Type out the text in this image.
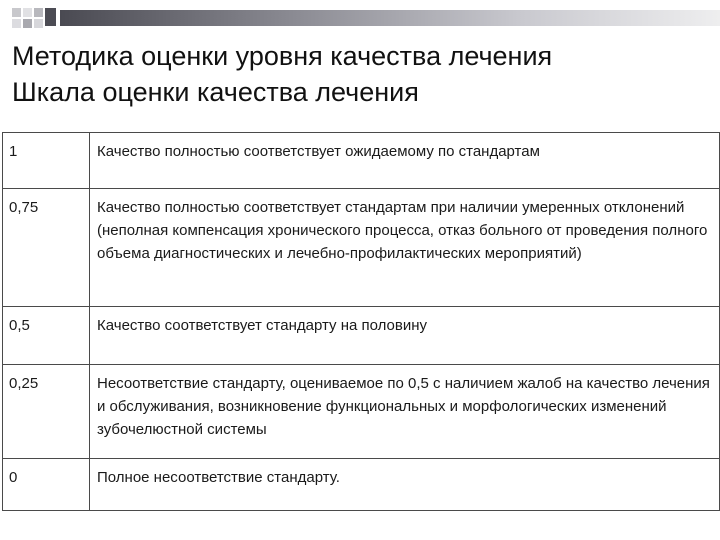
Методика оценки уровня качества лечения
Шкала оценки качества лечения
1	Качество полностью соответствует ожидаемому по стандартам
0,75	Качество полностью соответствует стандартам при наличии умеренных отклонений (неполная компенсация хронического процесса, отказ больного от проведения полного объема диагностических и лечебно-профилактических мероприятий)
0,5	Качество соответствует стандарту на половину
0,25	Несоответствие стандарту, оцениваемое по 0,5 с наличием жалоб на качество лечения и обслуживания, возникновение функциональных и морфологических изменений зубочелюстной системы
0	Полное несоответствие стандарту.
